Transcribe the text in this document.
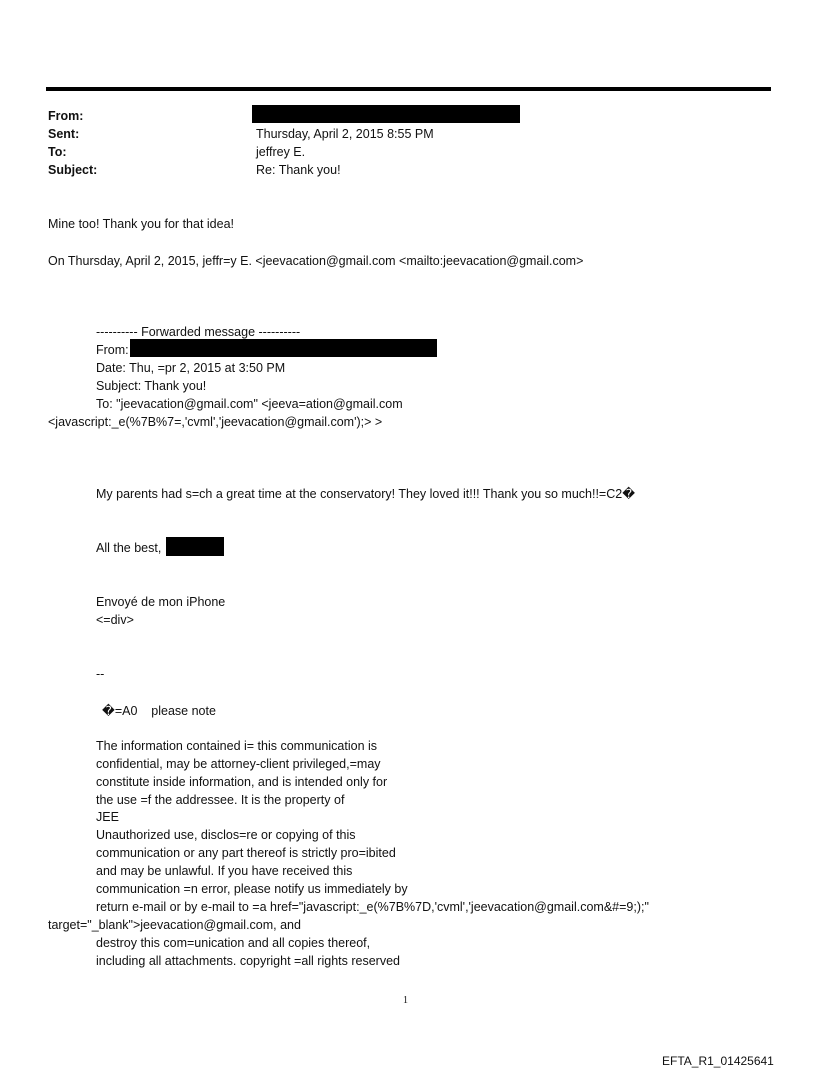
From:
Sent:	Thursday, April 2, 2015 8:55 PM
To:	jeffrey E.
Subject:	Re: Thank you!
Mine too! Thank you for that idea!
On Thursday, April 2, 2015, jeffr=y E. <jeevacation@gmail.com <mailto:jeevacation@gmail.com>
---------- Forwarded message ----------
From:
Date: Thu, =pr 2, 2015 at 3:50 PM
Subject: Thank you!
To: "jeevacation@gmail.com" <jeeva=ation@gmail.com
<javascript:_e(%7B%7=,'cvml','jeevacation@gmail.com');> >
My parents had s=ch a great time at the conservatory! They loved it!!! Thank you so much!!=C2�
All the best,
Envoyé de mon iPhone
<=div>
--
�=A0    please note
The information contained i= this communication is
confidential, may be attorney-client privileged,=may
constitute inside information, and is intended only for
the use =f the addressee. It is the property of
JEE
Unauthorized use, disclos=re or copying of this
communication or any part thereof is strictly pro=ibited
and may be unlawful. If you have received this
communication =n error, please notify us immediately by
return e-mail or by e-mail to =a href="javascript:_e(%7B%7D,'cvml','jeevacation@gmail.com&#=9;);"
target="_blank">jeevacation@gmail.com, and
destroy this com=unication and all copies thereof,
including all attachments. copyright =all rights reserved
1
EFTA_R1_01425641
